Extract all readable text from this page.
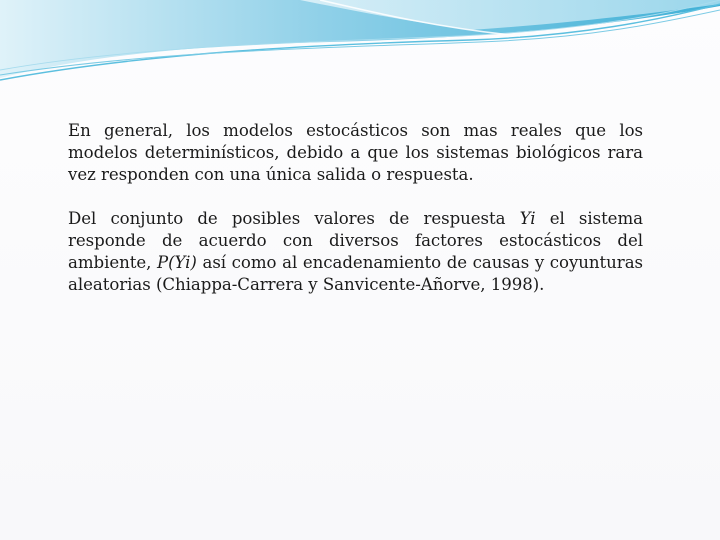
En general, los modelos estocásticos son mas reales que los modelos determinísticos, debido a que los sistemas biológicos rara vez responden con una única salida o respuesta.

Del conjunto de posibles valores de respuesta Yi el sistema responde de acuerdo con diversos factores estocásticos del ambiente, P(Yi) así como al encadenamiento de causas y coyunturas aleatorias (Chiappa-Carrera y Sanvicente-Añorve, 1998).
